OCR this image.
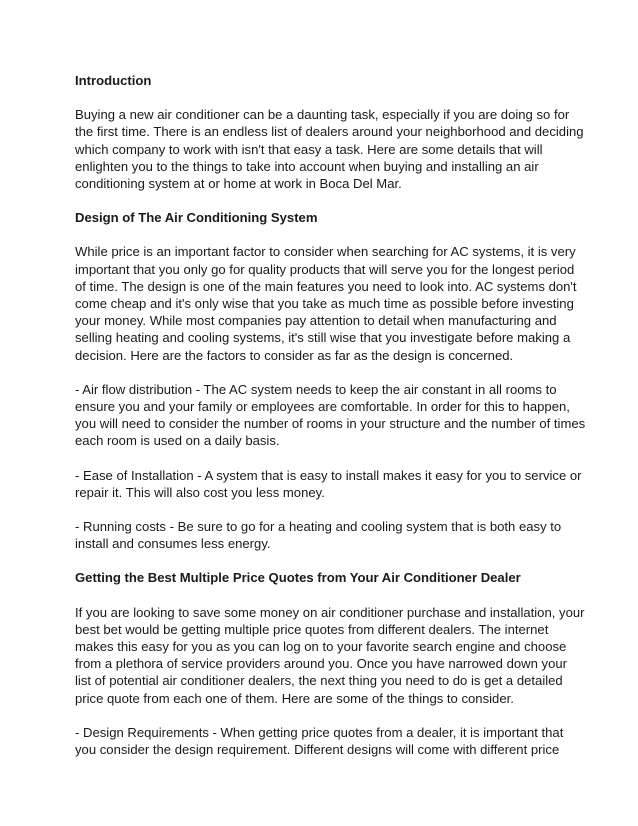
Introduction
Buying a new air conditioner can be a daunting task, especially if you are doing so for
the first time. There is an endless list of dealers around your neighborhood and deciding
which company to work with isn't that easy a task. Here are some details that will
enlighten you to the things to take into account when buying and installing an air
conditioning system at or home at work in Boca Del Mar.
Design of The Air Conditioning System
While price is an important factor to consider when searching for AC systems, it is very
important that you only go for quality products that will serve you for the longest period
of time. The design is one of the main features you need to look into. AC systems don't
come cheap and it's only wise that you take as much time as possible before investing
your money. While most companies pay attention to detail when manufacturing and
selling heating and cooling systems, it's still wise that you investigate before making a
decision. Here are the factors to consider as far as the design is concerned.
- Air flow distribution - The AC system needs to keep the air constant in all rooms to
ensure you and your family or employees are comfortable. In order for this to happen,
you will need to consider the number of rooms in your structure and the number of times
each room is used on a daily basis.
- Ease of Installation - A system that is easy to install makes it easy for you to service or
repair it. This will also cost you less money.
- Running costs - Be sure to go for a heating and cooling system that is both easy to
install and consumes less energy.
Getting the Best Multiple Price Quotes from Your Air Conditioner Dealer
If you are looking to save some money on air conditioner purchase and installation, your
best bet would be getting multiple price quotes from different dealers. The internet
makes this easy for you as you can log on to your favorite search engine and choose
from a plethora of service providers around you. Once you have narrowed down your
list of potential air conditioner dealers, the next thing you need to do is get a detailed
price quote from each one of them. Here are some of the things to consider.
- Design Requirements - When getting price quotes from a dealer, it is important that
you consider the design requirement. Different designs will come with different price
